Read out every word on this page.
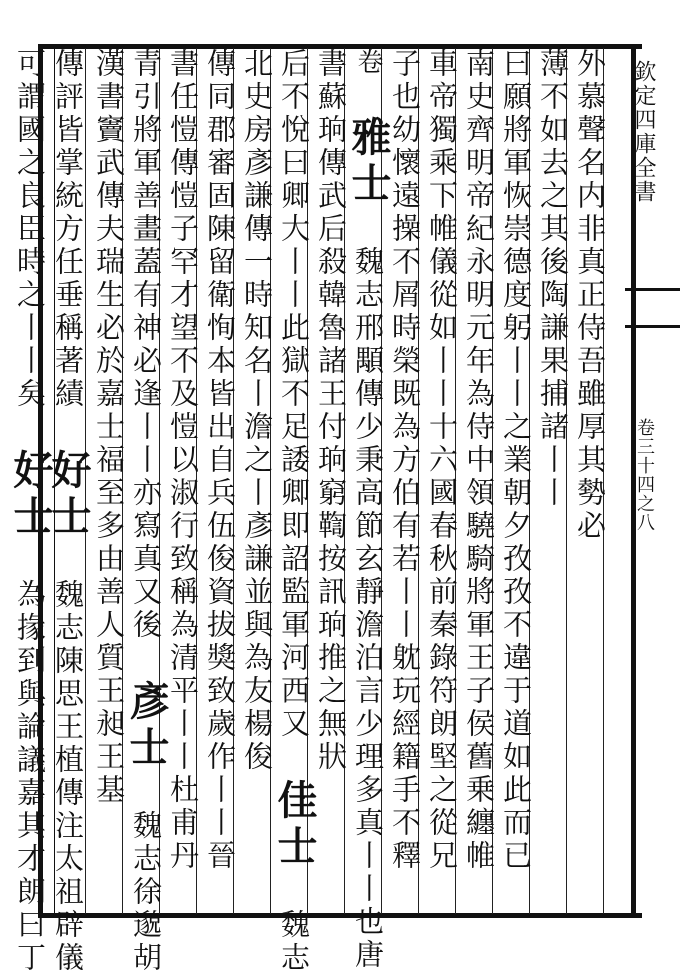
欽定四庫全書
卷三十四之八
外慕聲名内非真正侍吾雖厚其勢必
薄不如去之其後陶謙果捕諸丨丨
曰願將軍恢崇德度躬丨丨之業朝夕孜孜不違于道如此而已
南史齊明帝紀永明元年為侍中領驍騎將軍王子侯舊乗纏帷
車帝獨乘下帷儀從如丨丨十六國春秋前秦錄符朗堅之從兄
子也幼懷遠操不屑時榮既為方伯有若丨丨躭玩經籍手不釋
卷 雅士 魏志邢顒傳少秉高節玄靜澹泊言少理多真丨丨也唐
書蘇珦傳武后殺韓魯諸王付珦窮鞫按訊珦推之無狀
后不悅曰卿大丨丨此獄不足諉卿即詔監軍河西又 佳士 魏志
北史房彥謙傳一時知名丨澹之丨彥謙並與為友楊俊
傳同郡審固陳留衛恂本皆出自兵伍俊資拔獎致歲作丨丨晉
書任愷傳愷子罕才望不及愷以淑行致稱為清平丨丨杜甫丹
青引將軍善畫蓋有神必逢丨丨亦寫真又後 彥士 魏志徐邈胡
漢書竇武傳夫瑞生必於嘉士福至多由善人質王昶王基
傳評皆掌統方任垂稱著績 好士 魏志陳思王植傳注太祖辟儀
可謂國之良臣時之丨丨矣 好士 為掾到與論議嘉其才朗曰丁
